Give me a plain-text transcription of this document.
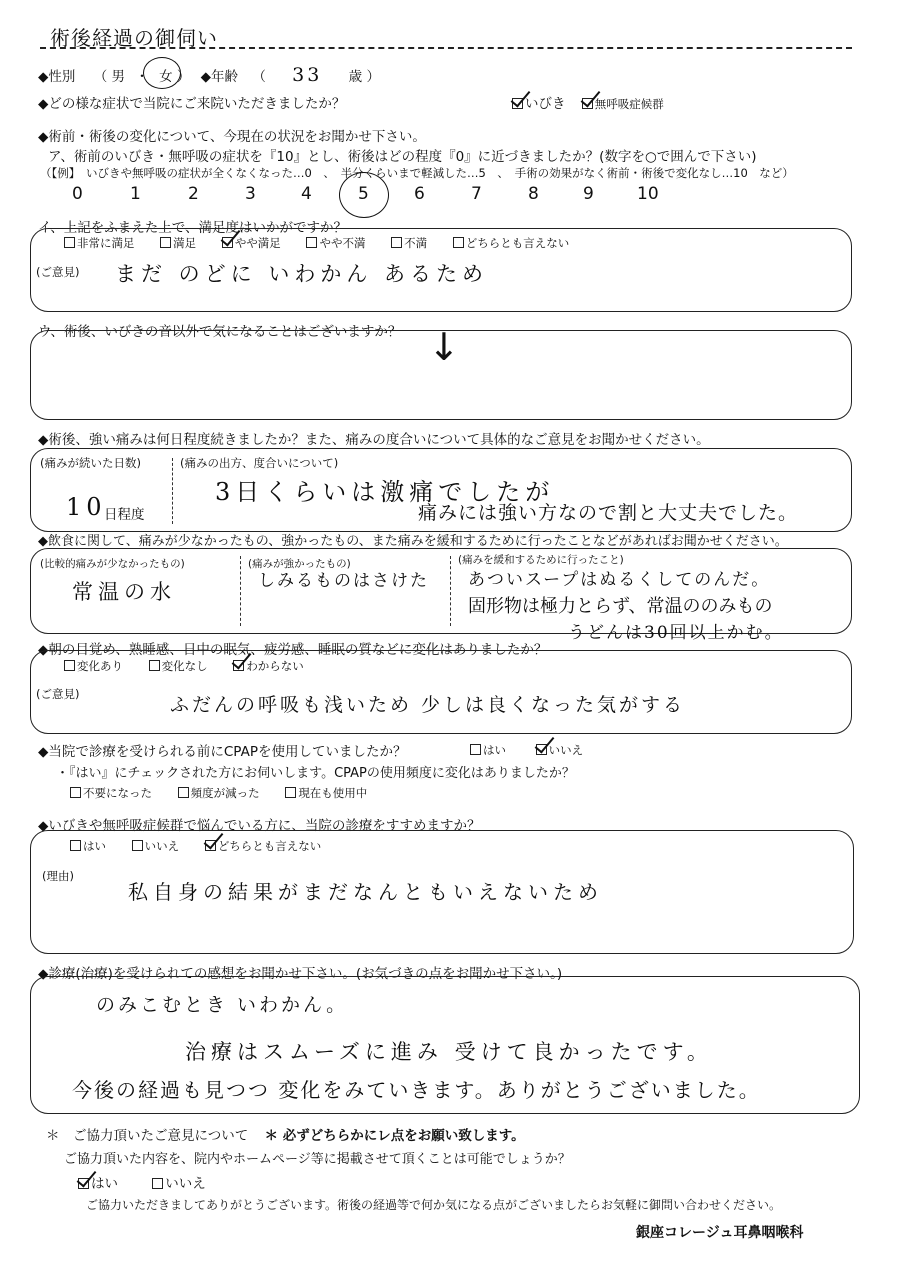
術後経過の御伺い
◆性別 （ 男 ・ 女 ） ◆年齢 （ 33 歳 ）
◆どの様な症状で当院にご来院いただきましたか？	いびき	無呼吸症候群
◆術前・術後の変化について、今現在の状況をお聞かせ下さい。
ア、術前のいびき・無呼吸の症状を『10』とし、術後はどの程度『0』に近づきましたか？(数字を○で囲んで下さい)
（【例】　いびきや無呼吸の症状が全くなくなった…0　、　半分くらいまで軽減した…5　、　手術の効果がなく術前・術後で変化なし…10　など）
0	1	2	3	4	5	6	7	8	9	10
イ、上記をふまえた上で、満足度はいかがですか？
非常に満足	満足	やや満足	やや不満	不満	どちらとも言えない
(ご意見) まだ のどに いわかん あるため
ウ、術後、いびきの音以外で気になることはございますか？ ↓
◆術後、強い痛みは何日程度続きましたか？また、痛みの度合いについて具体的なご意見をお聞かせください。
(痛みが続いた日数)
10
日程度
(痛みの出方、度合いについて)
3日くらいは激痛でしたが
痛みには強い方なので割と大丈夫でした。
◆飲食に関して、痛みが少なかったもの、強かったもの、また痛みを緩和するために行ったことなどがあればお聞かせください。
(比較的痛みが少なかったもの)
常温の水
(痛みが強かったもの)
しみるものはさけた
(痛みを緩和するために行ったこと)
あついスープはぬるくしてのんだ。
固形物は極力とらず、常温ののみもの
うどんは30回以上かむ。
◆朝の目覚め、熟睡感、日中の眠気、疲労感、睡眠の質などに変化はありましたか？
変化あり	変化なし	わからない
(ご意見)	ふだんの呼吸も浅いため 少しは良くなった気がする
◆当院で診療を受けられる前にCPAPを使用していましたか？	はい	いいえ
・『はい』にチェックされた方にお伺いします。CPAPの使用頻度に変化はありましたか？
不要になった	頻度が減った	現在も使用中
◆いびきや無呼吸症候群で悩んでいる方に、当院の診療をすすめますか？
はい	いいえ	どちらとも言えない
(理由)
私自身の結果がまだなんともいえないため
◆診療(治療)を受けられての感想をお聞かせ下さい。(お気づきの点をお聞かせ下さい。)
のみこむとき いわかん。
治療はスムーズに進み 受けて良かったです。
今後の経過も見つつ 変化をみていきます。ありがとうございました。
＊　ご協力頂いたご意見について ＊ 必ずどちらかにレ点をお願い致します。
ご協力頂いた内容を、院内やホームページ等に掲載させて頂くことは可能でしょうか？
はい	いいえ
ご協力いただきましてありがとうございます。術後の経過等で何か気になる点がございましたらお気軽に御問い合わせください。
銀座コレージュ耳鼻咽喉科
